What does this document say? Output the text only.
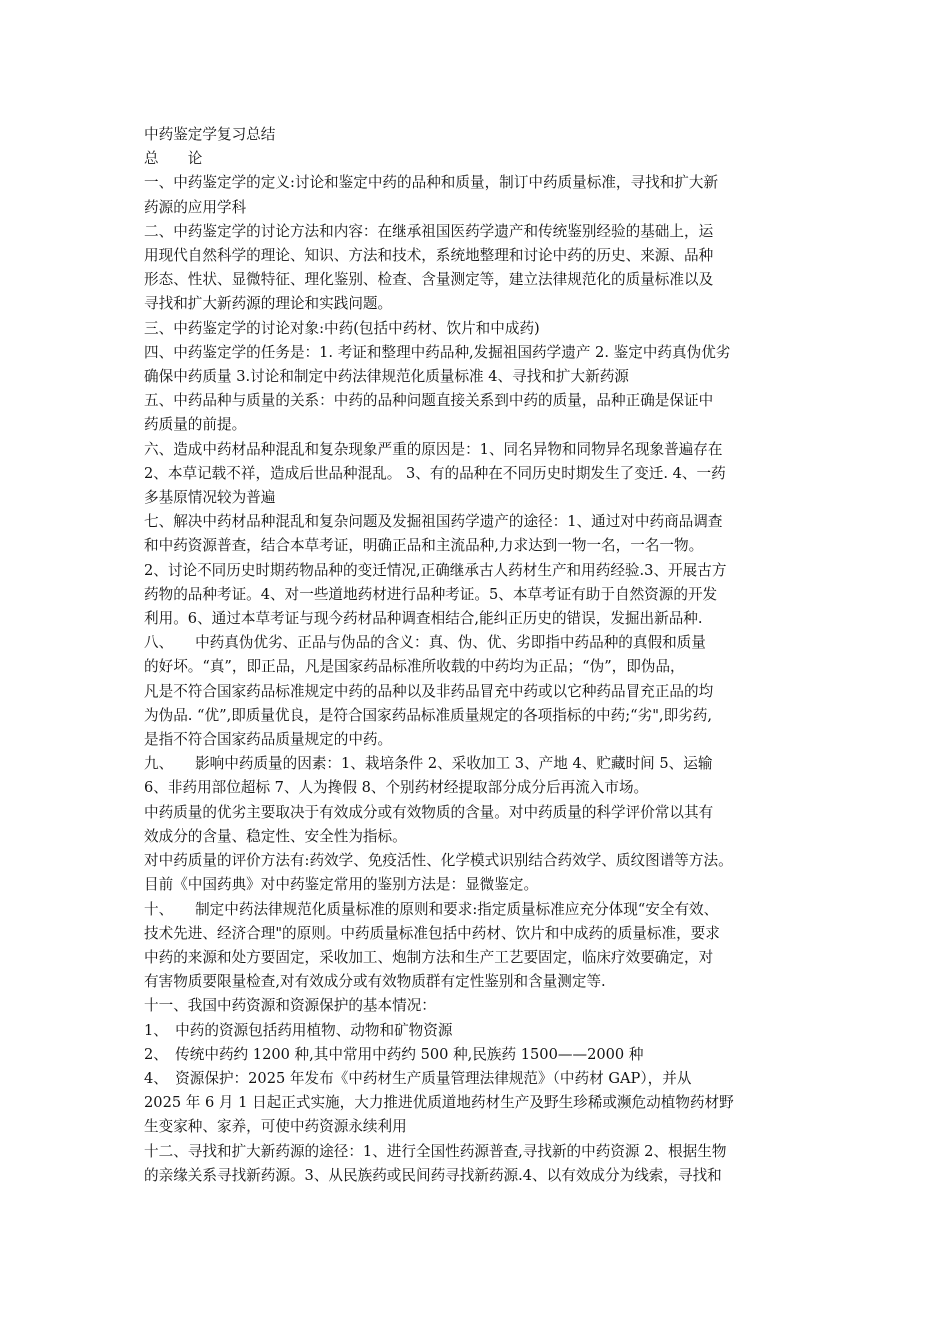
中药鉴定学复习总结
总　　论
一、中药鉴定学的定义:讨论和鉴定中药的品种和质量，制订中药质量标准，寻找和扩大新
药源的应用学科
二、中药鉴定学的讨论方法和内容：在继承祖国医药学遗产和传统鉴别经验的基础上，运
用现代自然科学的理论、知识、方法和技术，系统地整理和讨论中药的历史、来源、品种
形态、性状、显微特征、理化鉴别、检查、含量测定等，建立法律规范化的质量标准以及
寻找和扩大新药源的理论和实践问题。
三、中药鉴定学的讨论对象:中药(包括中药材、饮片和中成药)
四、中药鉴定学的任务是：1. 考证和整理中药品种,发掘祖国药学遗产 2. 鉴定中药真伪优劣
确保中药质量 3.讨论和制定中药法律规范化质量标准 4、寻找和扩大新药源
五、中药品种与质量的关系：中药的品种问题直接关系到中药的质量，品种正确是保证中
药质量的前提。
六、造成中药材品种混乱和复杂现象严重的原因是：1、同名异物和同物异名现象普遍存在
2、本草记载不祥，造成后世品种混乱。 3、有的品种在不同历史时期发生了变迁. 4、一药
多基原情况较为普遍
七、解决中药材品种混乱和复杂问题及发掘祖国药学遗产的途径：1、通过对中药商品调查
和中药资源普查，结合本草考证，明确正品和主流品种,力求达到一物一名，一名一物。
2、讨论不同历史时期药物品种的变迁情况,正确继承古人药材生产和用药经验.3、开展古方
药物的品种考证。4、对一些道地药材进行品种考证。5、本草考证有助于自然资源的开发
利用。6、通过本草考证与现今药材品种调查相结合,能纠正历史的错误，发掘出新品种.
八、　　中药真伪优劣、正品与伪品的含义：真、伪、优、劣即指中药品种的真假和质量
的好坏。“真”，即正品，凡是国家药品标准所收载的中药均为正品；“伪”，即伪品，
凡是不符合国家药品标准规定中药的品种以及非药品冒充中药或以它种药品冒充正品的均
为伪品. “优”,即质量优良，是符合国家药品标准质量规定的各项指标的中药;“劣",即劣药,
是指不符合国家药品质量规定的中药。
九、　　影响中药质量的因素：1、栽培条件 2、采收加工 3、产地 4、贮藏时间 5、运输
6、非药用部位超标 7、人为搀假 8、个别药材经提取部分成分后再流入市场。
中药质量的优劣主要取决于有效成分或有效物质的含量。对中药质量的科学评价常以其有
效成分的含量、稳定性、安全性为指标。
对中药质量的评价方法有:药效学、免疫活性、化学模式识别结合药效学、质纹图谱等方法。
目前《中国药典》对中药鉴定常用的鉴别方法是：显微鉴定。
十、　　制定中药法律规范化质量标准的原则和要求:指定质量标准应充分体现“安全有效、
技术先进、经济合理"的原则。中药质量标准包括中药材、饮片和中成药的质量标准，要求
中药的来源和处方要固定，采收加工、炮制方法和生产工艺要固定，临床疗效要确定，对
有害物质要限量检查,对有效成分或有效物质群有定性鉴别和含量测定等.
十一、我国中药资源和资源保护的基本情况：
1、　中药的资源包括药用植物、动物和矿物资源
2、　传统中药约 1200 种,其中常用中药约 500 种,民族药 1500——2000 种
4、　资源保护：2025 年发布《中药材生产质量管理法律规范》（中药材 GAP），并从
2025 年 6 月 1 日起正式实施，大力推进优质道地药材生产及野生珍稀或濒危动植物药材野
生变家种、家养，可使中药资源永续利用
十二、寻找和扩大新药源的途径：1、进行全国性药源普查,寻找新的中药资源 2、根据生物
的亲缘关系寻找新药源。3、从民族药或民间药寻找新药源.4、以有效成分为线索，寻找和
